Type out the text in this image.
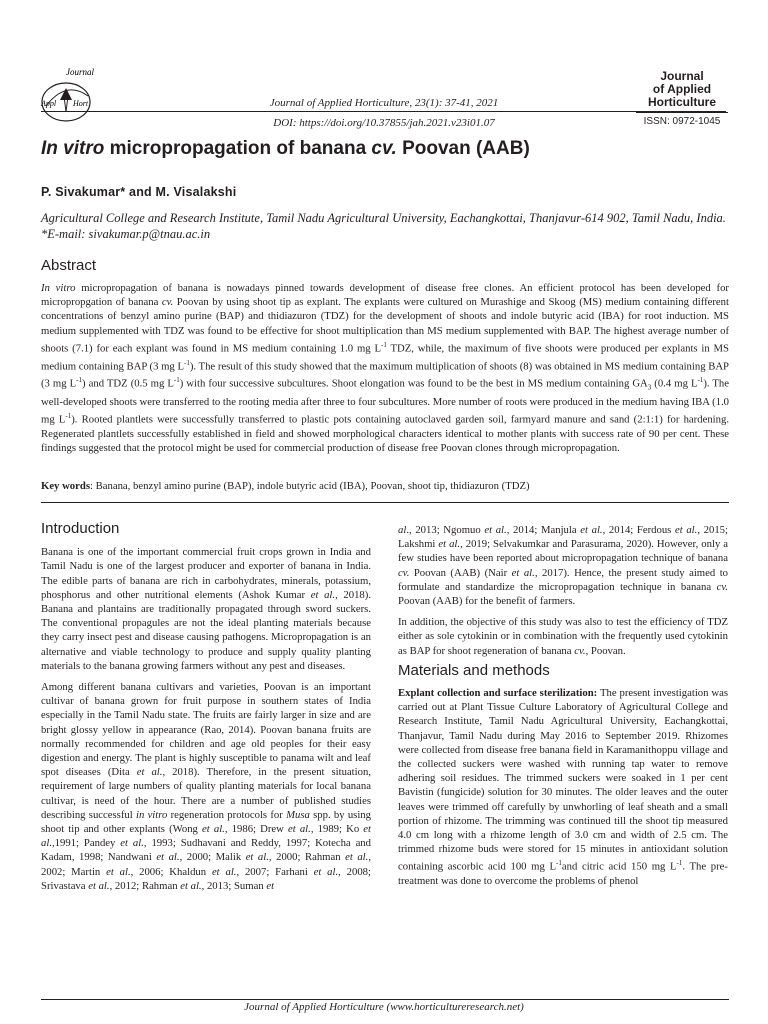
Journal
Appl Hort	Journal of Applied Horticulture, 23(1): 37-41, 2021
DOI: https://doi.org/10.37855/jah.2021.v23i01.07
Journal
of Applied
Horticulture
ISSN: 0972-1045
In vitro micropropagation of banana cv. Poovan (AAB)
P. Sivakumar* and M. Visalakshi
Agricultural College and Research Institute, Tamil Nadu Agricultural University, Eachangkottai, Thanjavur-614 902, Tamil Nadu, India. *E-mail: sivakumar.p@tnau.ac.in
Abstract
In vitro micropropagation of banana is nowadays pinned towards development of disease free clones. An efficient protocol has been developed for micropropgation of banana cv. Poovan by using shoot tip as explant. The explants were cultured on Murashige and Skoog (MS) medium containing different concentrations of benzyl amino purine (BAP) and thidiazuron (TDZ) for the development of shoots and indole butyric acid (IBA) for root induction. MS medium supplemented with TDZ was found to be effective for shoot multiplication than MS medium supplemented with BAP. The highest average number of shoots (7.1) for each explant was found in MS medium containing 1.0 mg $L^{-1}$ TDZ, while, the maximum of five shoots were produced per explants in MS medium containing BAP (3 mg $L^{-1}$). The result of this study showed that the maximum multiplication of shoots (8) was obtained in MS medium containing BAP (3 mg $L^{-1}$) and TDZ (0.5 mg $L^{-1}$) with four successive subcultures. Shoot elongation was found to be the best in MS medium containing $GA_3$ (0.4 mg $L^{-1}$). The well-developed shoots were transferred to the rooting media after three to four subcultures. More number of roots were produced in the medium having IBA (1.0 mg $L^{-1}$). Rooted plantlets were successfully transferred to plastic pots containing autoclaved garden soil, farmyard manure and sand (2:1:1) for hardening. Regenerated plantlets successfully established in field and showed morphological characters identical to mother plants with success rate of 90 per cent. These findings suggested that the protocol might be used for commercial production of disease free Poovan clones through micropropagation.
Key words: Banana, benzyl amino purine (BAP), indole butyric acid (IBA), Poovan, shoot tip, thidiazuron (TDZ)
Introduction

Banana is one of the important commercial fruit crops grown in India and Tamil Nadu is one of the largest producer and exporter of banana in India. The edible parts of banana are rich in carbohydrates, minerals, potassium, phosphorus and other nutritional elements (Ashok Kumar et al., 2018). Banana and plantains are traditionally propagated through sword suckers. The conventional propagules are not the ideal planting materials because they carry insect pest and disease causing pathogens. Micropropagation is an alternative and viable technology to produce and supply quality planting materials to the banana growing farmers without any pest and diseases.

Among different banana cultivars and varieties, Poovan is an important cultivar of banana grown for fruit purpose in southern states of India especially in the Tamil Nadu state. The fruits are fairly larger in size and are bright glossy yellow in appearance (Rao, 2014). Poovan banana fruits are normally recommended for children and age old peoples for their easy digestion and energy. The plant is highly susceptible to panama wilt and leaf spot diseases (Dita et al., 2018). Therefore, in the present situation, requirement of large numbers of quality planting materials for local banana cultivar, is need of the hour. There are a number of published studies describing successful in vitro regeneration protocols for Musa spp. by using shoot tip and other explants (Wong et al., 1986; Drew et al., 1989; Ko et al.,1991; Pandey et al., 1993; Sudhavani and Reddy, 1997; Kotecha and Kadam, 1998; Nandwani et al., 2000; Malik et al., 2000; Rahman et al., 2002; Martin et al., 2006; Khaldun et al., 2007; Farhani et al., 2008; Srivastava et al., 2012; Rahman et al., 2013; Suman et

al., 2013; Ngomuo et al., 2014; Manjula et al., 2014; Ferdous et al., 2015; Lakshmi et al., 2019; Selvakumkar and Parasurama, 2020). However, only a few studies have been reported about micropropagation technique of banana cv. Poovan (AAB) (Nair et al., 2017). Hence, the present study aimed to formulate and standardize the micropropagation technique in banana cv. Poovan (AAB) for the benefit of farmers.

In addition, the objective of this study was also to test the efficiency of TDZ either as sole cytokinin or in combination with the frequently used cytokinin as BAP for shoot regeneration of banana cv., Poovan.

Materials and methods

Explant collection and surface sterilization: The present investigation was carried out at Plant Tissue Culture Laboratory of Agricultural College and Research Institute, Tamil Nadu Agricultural University, Eachangkottai, Thanjavur, Tamil Nadu during May 2016 to September 2019. Rhizomes were collected from disease free banana field in Karamanithoppu village and the collected suckers were washed with running tap water to remove adhering soil residues. The trimmed suckers were soaked in 1 per cent Bavistin (fungicide) solution for 30 minutes. The older leaves and the outer leaves were trimmed off carefully by unwhorling of leaf sheath and a small portion of rhizome. The trimming was continued till the shoot tip measured 4.0 cm long with a rhizome length of 3.0 cm and width of 2.5 cm. The trimmed rhizome buds were stored for 15 minutes in antioxidant solution containing ascorbic acid 100 mg $L^{-1}and$ citric acid 150 mg $L^{-1}$. The pre-treatment was done to overcome the problems of phenol

Journal of Applied Horticulture (www.horticultureresearch.net)
